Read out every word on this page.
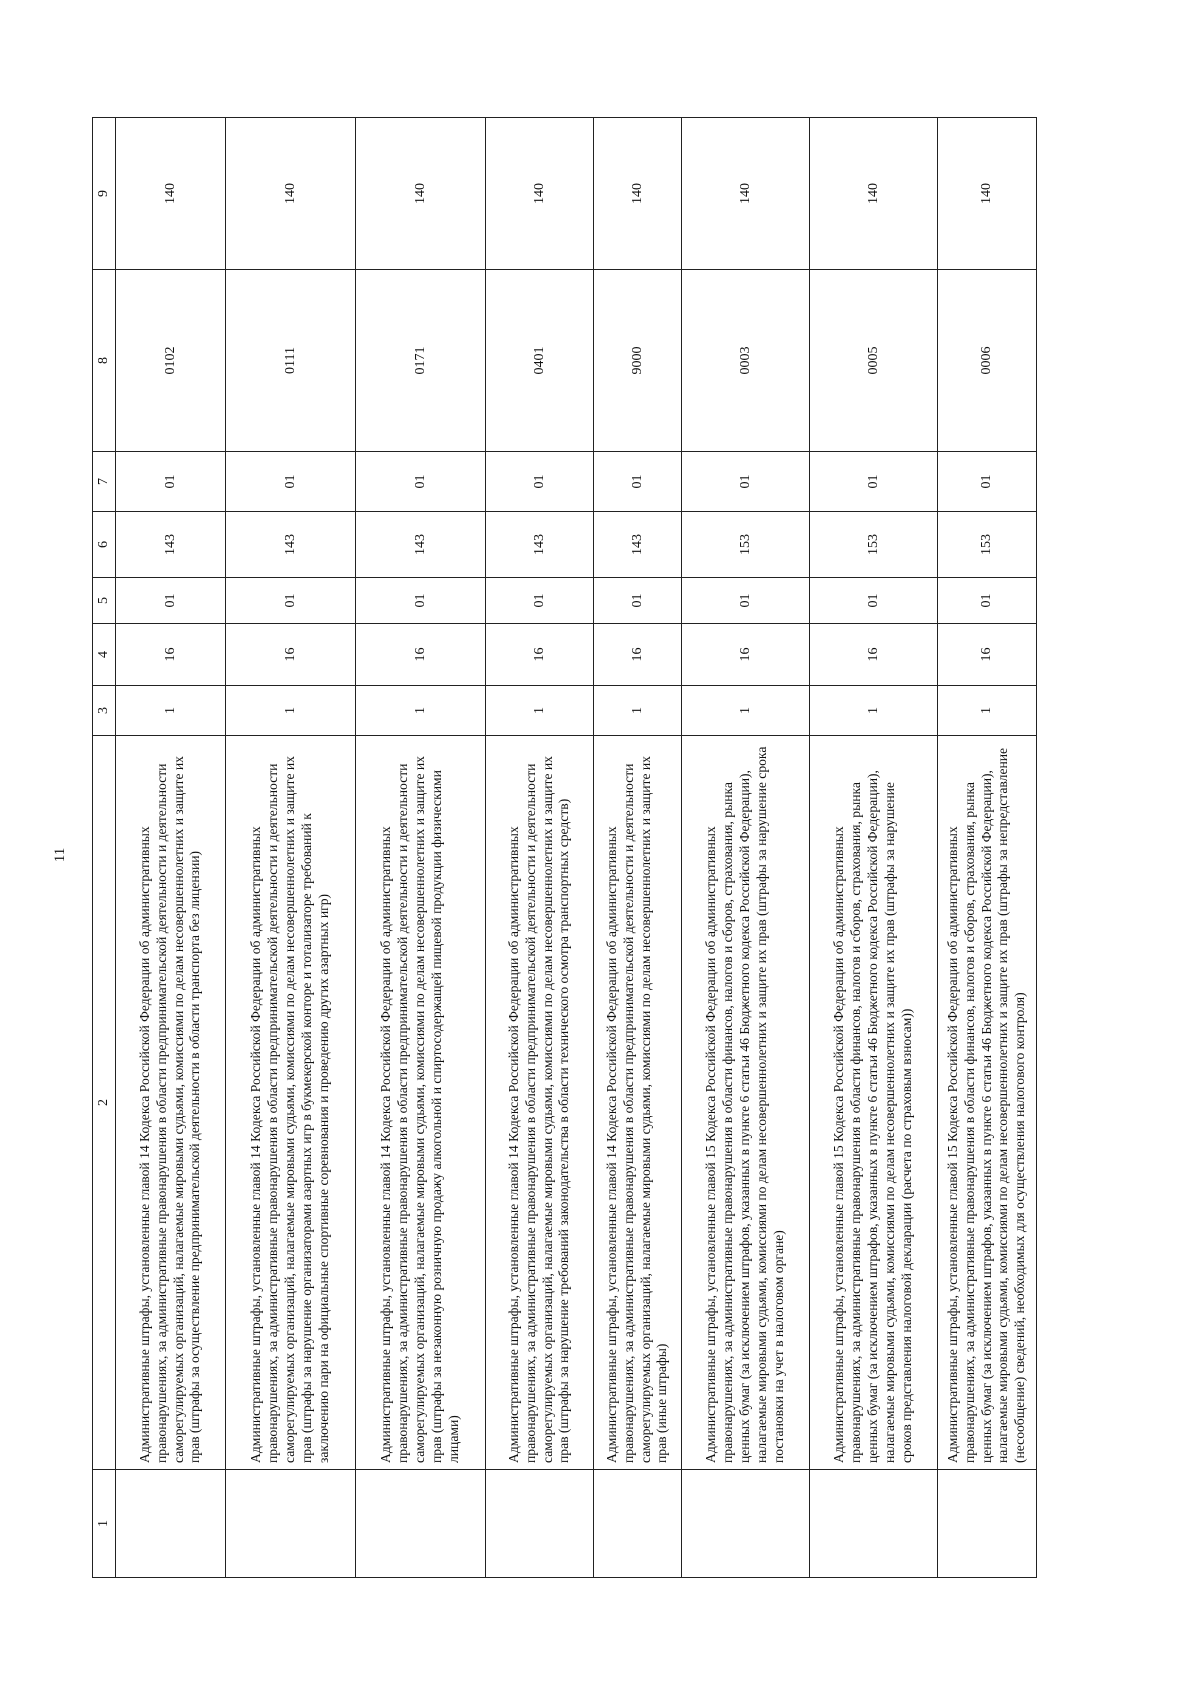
11
1	2	3	4	5	6	7	8	9
	Административные штрафы, установленные главой 14 Кодекса Российской Федерации об административных правонарушениях, за административные правонарушения в области предпринимательской деятельности и деятельности саморегулируемых организаций, налагаемые мировыми судьями, комиссиями по делам несовершеннолетних и защите их прав (штрафы за осуществление предпринимательской деятельности в области транспорта без лицензии)	1	16	01	143	01	0102	140
	Административные штрафы, установленные главой 14 Кодекса Российской Федерации об административных правонарушениях, за административные правонарушения в области предпринимательской деятельности и деятельности саморегулируемых организаций, налагаемые мировыми судьями, комиссиями по делам несовершеннолетних и защите их прав (штрафы за нарушение организаторами азартных игр в букмекерской конторе и тотализаторе требований к заключению пари на официальные спортивные соревнования и проведению других азартных игр)	1	16	01	143	01	0111	140
	Административные штрафы, установленные главой 14 Кодекса Российской Федерации об административных правонарушениях, за административные правонарушения в области предпринимательской деятельности и деятельности саморегулируемых организаций, налагаемые мировыми судьями, комиссиями по делам несовершеннолетних и защите их прав (штрафы за незаконную розничную продажу алкогольной и спиртосодержащей пищевой продукции физическими лицами)	1	16	01	143	01	0171	140
	Административные штрафы, установленные главой 14 Кодекса Российской Федерации об административных правонарушениях, за административные правонарушения в области предпринимательской деятельности и деятельности саморегулируемых организаций, налагаемые мировыми судьями, комиссиями по делам несовершеннолетних и защите их прав (штрафы за нарушение требований законодательства в области технического осмотра транспортных средств)	1	16	01	143	01	0401	140
	Административные штрафы, установленные главой 14 Кодекса Российской Федерации об административных правонарушениях, за административные правонарушения в области предпринимательской деятельности и деятельности саморегулируемых организаций, налагаемые мировыми судьями, комиссиями по делам несовершеннолетних и защите их прав (иные штрафы)	1	16	01	143	01	9000	140
	Административные штрафы, установленные главой 15 Кодекса Российской Федерации об административных правонарушениях, за административные правонарушения в области финансов, налогов и сборов, страхования, рынка ценных бумаг (за исключением штрафов, указанных в пункте 6 статьи 46 Бюджетного кодекса Российской Федерации), налагаемые мировыми судьями, комиссиями по делам несовершеннолетних и защите их прав (штрафы за нарушение срока постановки на учет в налоговом органе)	1	16	01	153	01	0003	140
	Административные штрафы, установленные главой 15 Кодекса Российской Федерации об административных правонарушениях, за административные правонарушения в области финансов, налогов и сборов, страхования, рынка ценных бумаг (за исключением штрафов, указанных в пункте 6 статьи 46 Бюджетного кодекса Российской Федерации), налагаемые мировыми судьями, комиссиями по делам несовершеннолетних и защите их прав (штрафы за нарушение сроков представления налоговой декларации (расчета по страховым взносам))	1	16	01	153	01	0005	140
	Административные штрафы, установленные главой 15 Кодекса Российской Федерации об административных правонарушениях, за административные правонарушения в области финансов, налогов и сборов, страхования, рынка ценных бумаг (за исключением штрафов, указанных в пункте 6 статьи 46 Бюджетного кодекса Российской Федерации), налагаемые мировыми судьями, комиссиями по делам несовершеннолетних и защите их прав (штрафы за непредставление (несообщение) сведений, необходимых для осуществления налогового контроля)	1	16	01	153	01	0006	140
